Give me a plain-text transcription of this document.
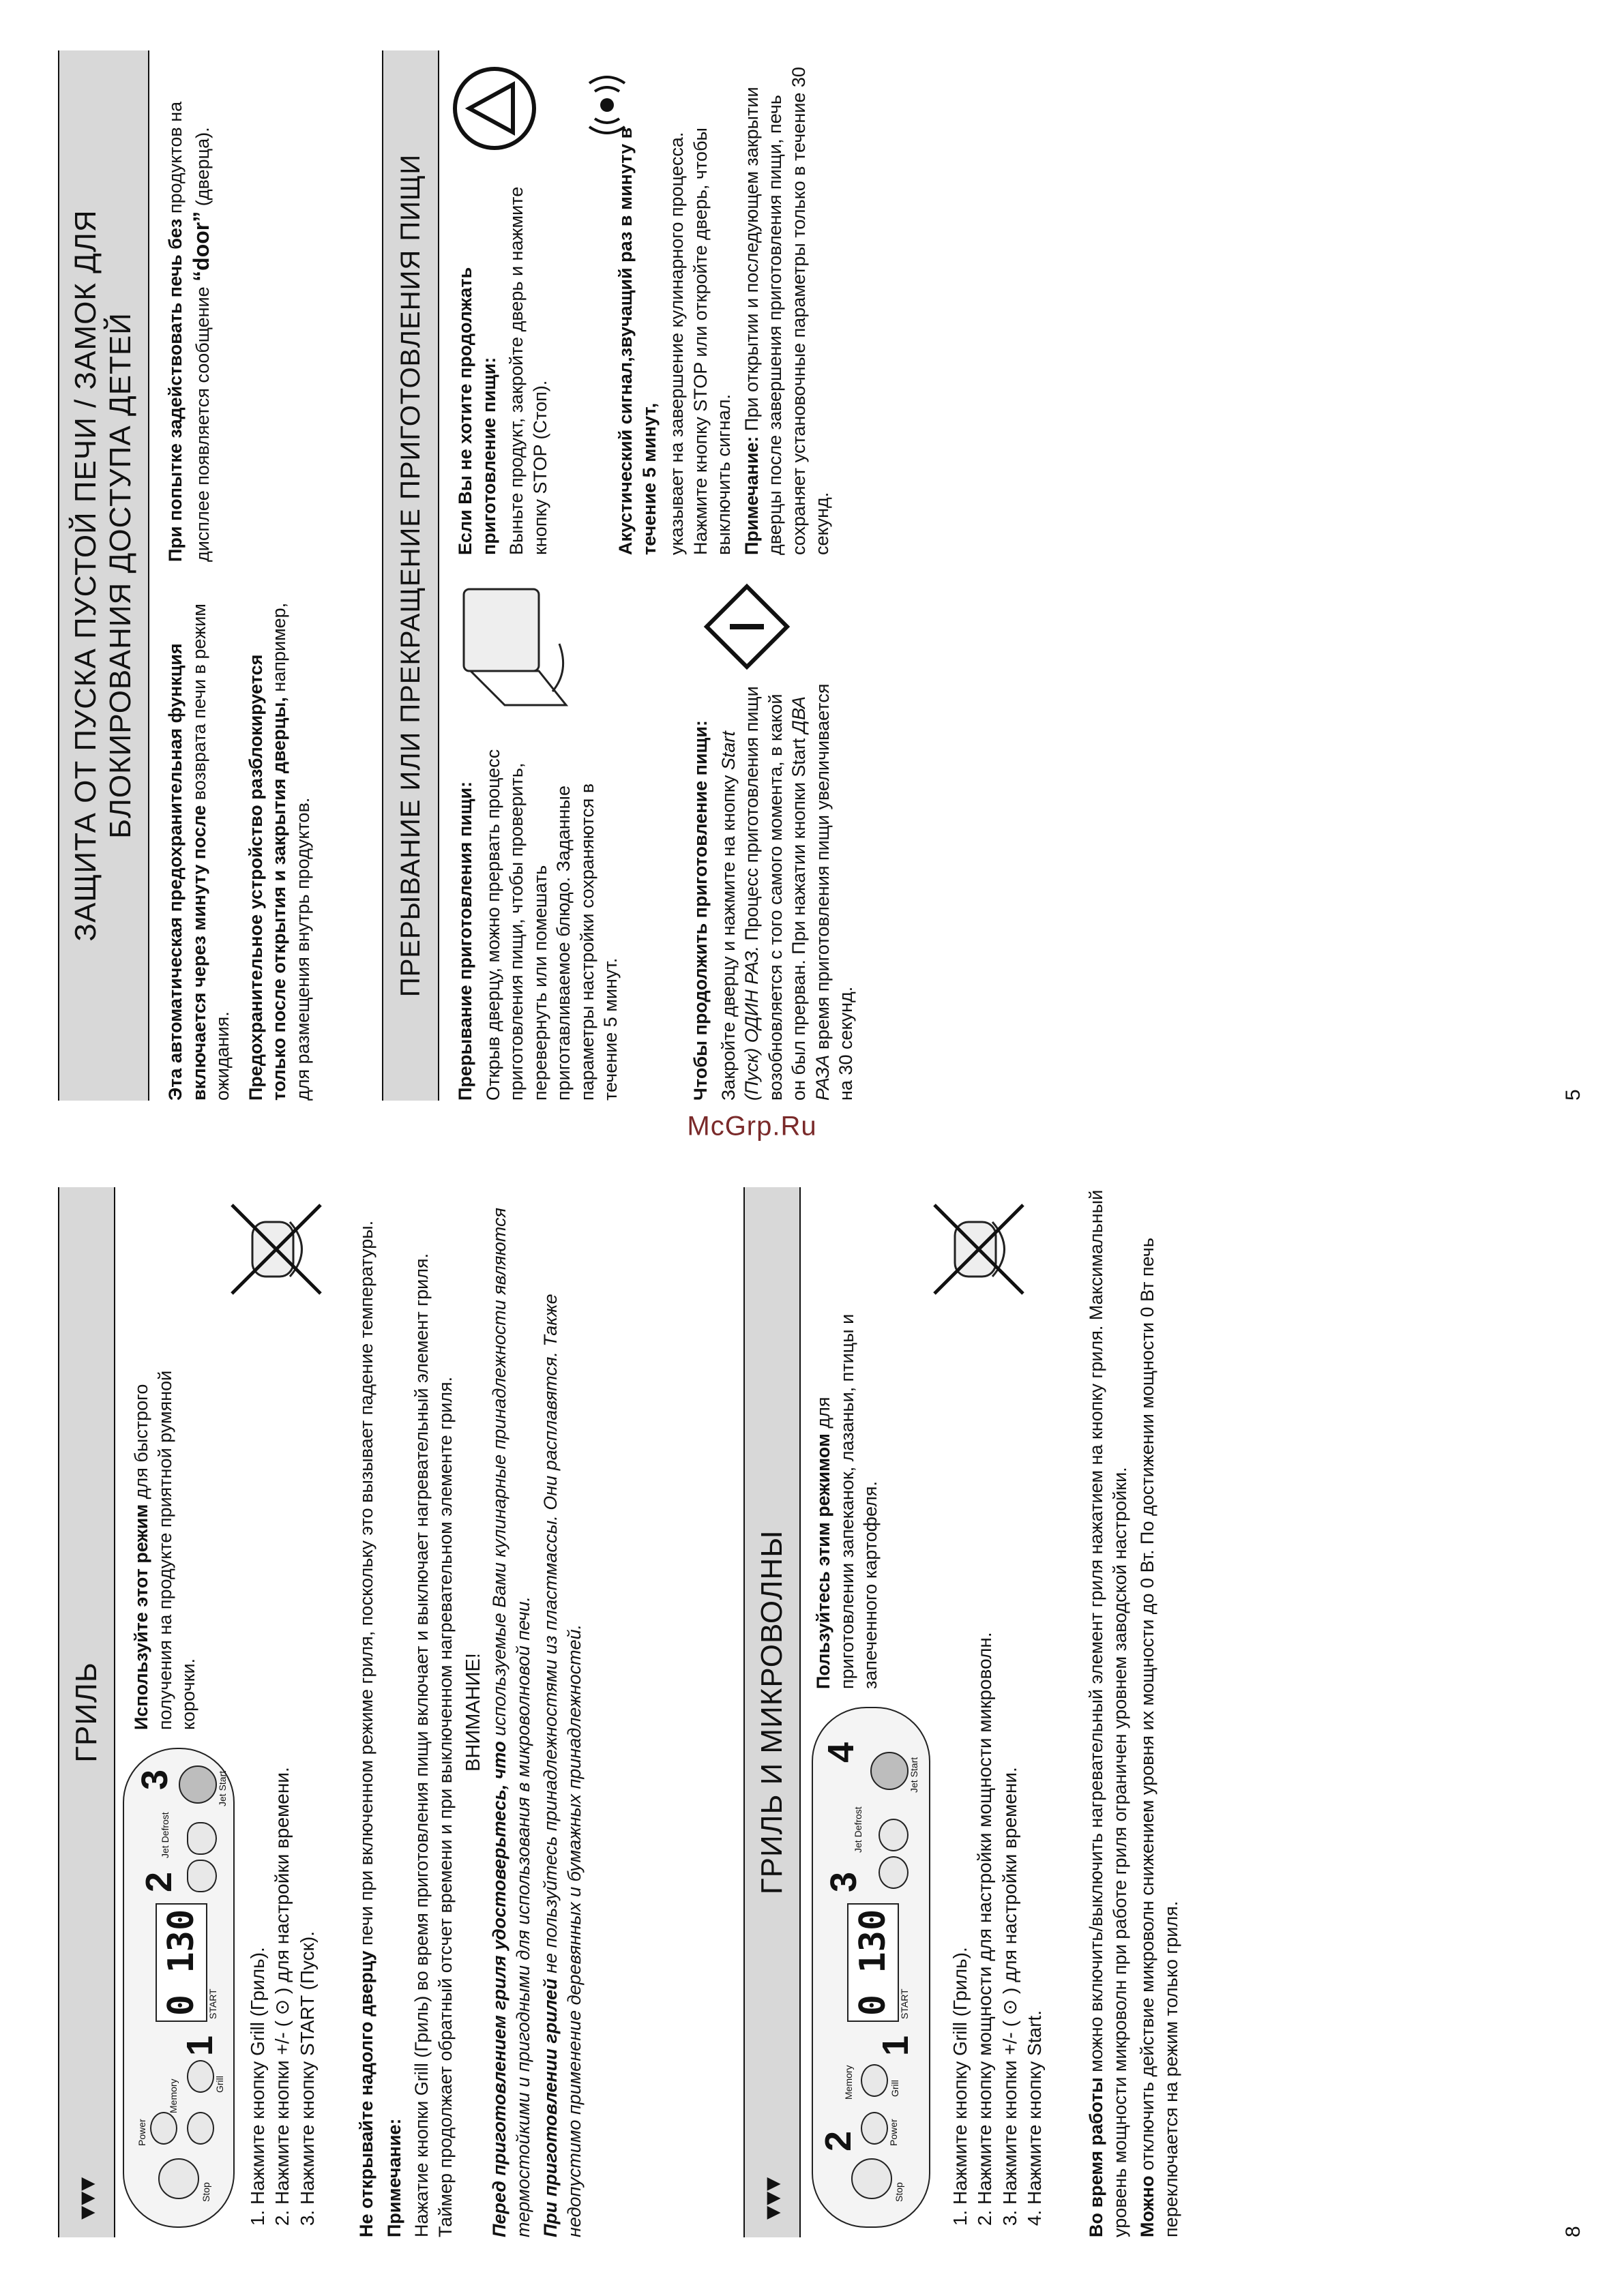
▾▾▾
ГРИЛЬ
Stop
Power
Memory	Grill
1
0 130 START
2
Jet Defrost
3	Jet Start
Используйте этот режим для быстрого получения на продукте приятной румяной корочки.
1. Нажмите кнопку Grill (Гриль). 2. Нажмите кнопки +/- ( ⊙ ) для настройки времени. 3. Нажмите кнопку START (Пуск). Не открывайте надолго дверцу печи при включенном режиме гриля, поскольку это вызывает падение температуры.

Примечание: Нажатие кнопки Grill (Гриль) во время приготовления пищи включает и выключает нагревательный элемент гриля. Таймер продолжает обратный отсчет времени и при выключенном нагревательном элементе гриля. ВНИМАНИЕ!

Перед приготовлением гриля удостоверьтесь, что используемые Вами кулинарные принадлежности являются термостойкими и пригодными для использования в микроволновой печи. При приготовлении грилей не пользуйтесь принадлежностями из пластмассы. Они расплавятся. Также недопустимо применение деревянных и бумажных принадлежностей.	▾▾▾
ГРИЛЬ И МИКРОВОЛНЫ
Stop
2	Power
Memory	Grill
1
0 130 START
3
Jet Defrost
4
Jet Start
Пользуйтесь этим режимом для приготовлении запеканок, лазаньи, птицы и запеченного картофеля.
1. Нажмите кнопку Grill (Гриль). 2. Нажмите кнопку мощности для настройки мощности микроволн. 3. Нажмите кнопки +/- ( ⊙ ) для настройки времени. 4. Нажмите кнопку Start. Во время работы можно включить/выключить нагревательный элемент гриля нажатием на кнопку гриля. Максимальный уровень мощности микроволн при работе гриля ограничен уровнем заводской настройки. Можно отключить действие микроволн снижением уровня их мощности до 0 Вт. По достижении мощности 0 Вт печь переключается на режим только гриля.	8
McGrp.Ru
ЗАЩИТА ОТ ПУСКА ПУСТОЙ ПЕЧИ / ЗАМОК ДЛЯ БЛОКИРОВАНИЯ ДОСТУПА ДЕТЕЙ

Эта автоматическая предохранительная функция включается через минуту после возврата печи в режим ожидания. Предохранительное устройство разблокируется только после открытия и закрытия дверцы, например, для размещения внутрь продуктов.

При попытке задействовать печь без продуктов на дисплее появляется сообщение “door” (дверца).	ПРЕРЫВАНИЕ ИЛИ ПРЕКРАЩЕНИЕ ПРИГОТОВЛЕНИЯ ПИЩИ Прерывание приготовления пищи: Открыв дверцу, можно прервать процесс приготовления пищи, чтобы проверить, перевернуть или помешать приготавливаемое блюдо. Заданные параметры настройки сохраняются в течение 5 минут.

Если Вы не хотите продолжать приготовление пищи: Выньте продукт, закройте дверь и нажмите кнопку STOP (Стоп).

Чтобы продолжить приготовление пищи: Закройте дверцу и нажмите на кнопку Start (Пуск) ОДИН РАЗ. Процесс приготовления пищи возобновляется с того самого момента, в какой он был прерван. При нажатии кнопки Start ДВА РАЗА время приготовления пищи увеличивается на 30 секунд.

Акустический сигнал,звучащий раз в минуту в течение 5 минут, указывает на завершение кулинарного процесса. Нажмите кнопку STOP или откройте дверь, чтобы выключить сигнал. Примечание: При открытии и последующем закрытии дверцы после завершения приготовления пищи, печь сохраняет установочные параметры только в течение 30 секунд.

5
